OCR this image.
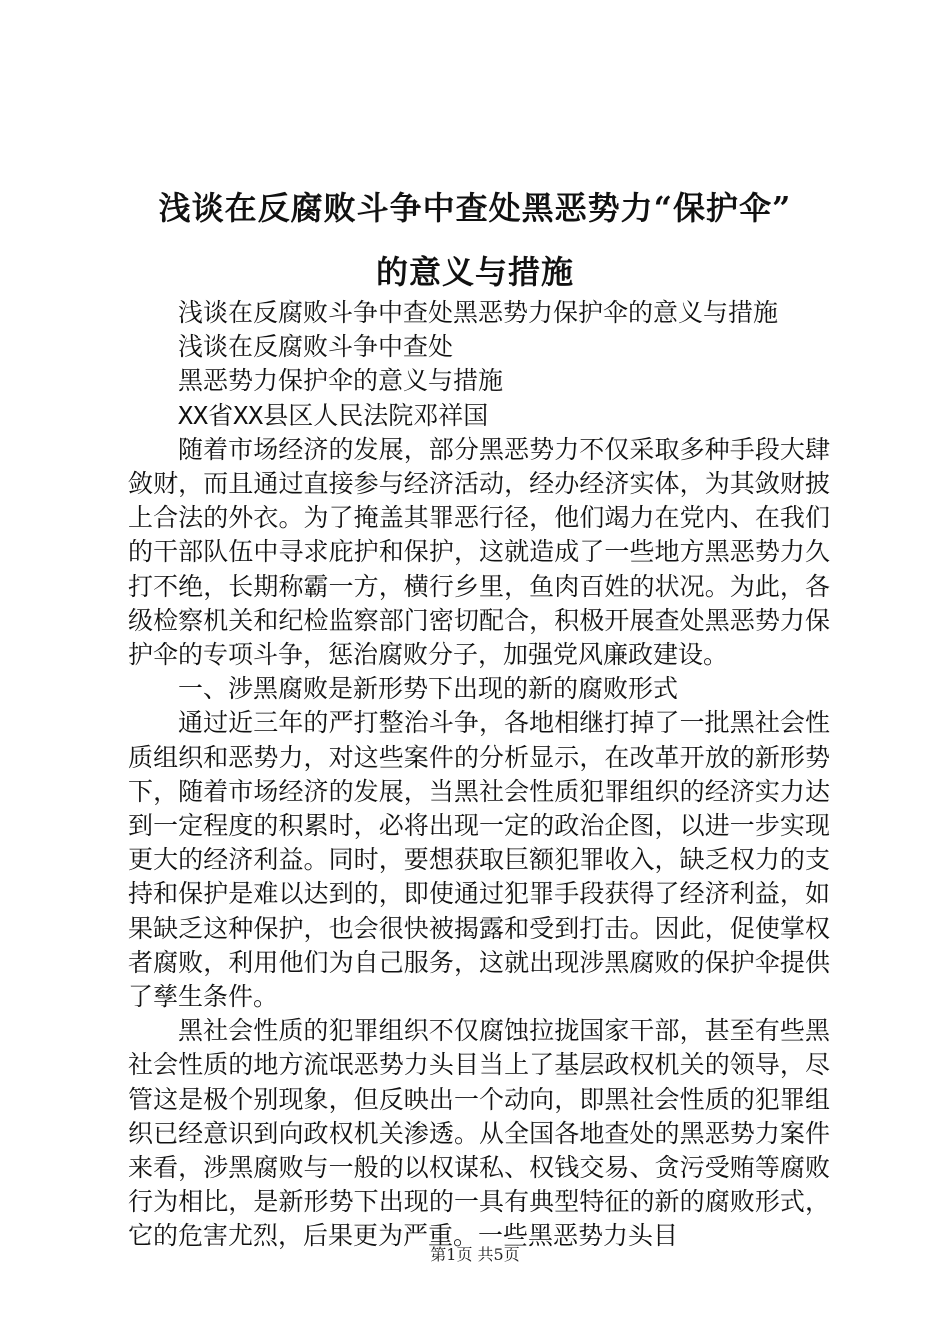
浅谈在反腐败斗争中查处黑恶势力“保护伞”
的意义与措施

浅谈在反腐败斗争中查处黑恶势力保护伞的意义与措施

浅谈在反腐败斗争中查处

黑恶势力保护伞的意义与措施

XX省XX县区人民法院邓祥国

随着市场经济的发展，部分黑恶势力不仅采取多种手段大肆敛财，而且通过直接参与经济活动，经办经济实体，为其敛财披上合法的外衣。为了掩盖其罪恶行径，他们竭力在党内、在我们的干部队伍中寻求庇护和保护，这就造成了一些地方黑恶势力久打不绝，长期称霸一方，横行乡里，鱼肉百姓的状况。为此，各级检察机关和纪检监察部门密切配合，积极开展查处黑恶势力保护伞的专项斗争，惩治腐败分子，加强党风廉政建设。

一、涉黑腐败是新形势下出现的新的腐败形式

通过近三年的严打整治斗争，各地相继打掉了一批黑社会性质组织和恶势力，对这些案件的分析显示，在改革开放的新形势下，随着市场经济的发展，当黑社会性质犯罪组织的经济实力达到一定程度的积累时，必将出现一定的政治企图，以进一步实现更大的经济利益。同时，要想获取巨额犯罪收入，缺乏权力的支持和保护是难以达到的，即使通过犯罪手段获得了经济利益，如果缺乏这种保护，也会很快被揭露和受到打击。因此，促使掌权者腐败，利用他们为自己服务，这就出现涉黑腐败的保护伞提供了孳生条件。

黑社会性质的犯罪组织不仅腐蚀拉拢国家干部，甚至有些黑社会性质的地方流氓恶势力头目当上了基层政权机关的领导，尽管这是极个别现象，但反映出一个动向，即黑社会性质的犯罪组织已经意识到向政权机关渗透。从全国各地查处的黑恶势力案件来看，涉黑腐败与一般的以权谋私、权钱交易、贪污受贿等腐败行为相比，是新形势下出现的一具有典型特征的新的腐败形式，它的危害尤烈，后果更为严重。一些黑恶势力头目

第1页 共5页
